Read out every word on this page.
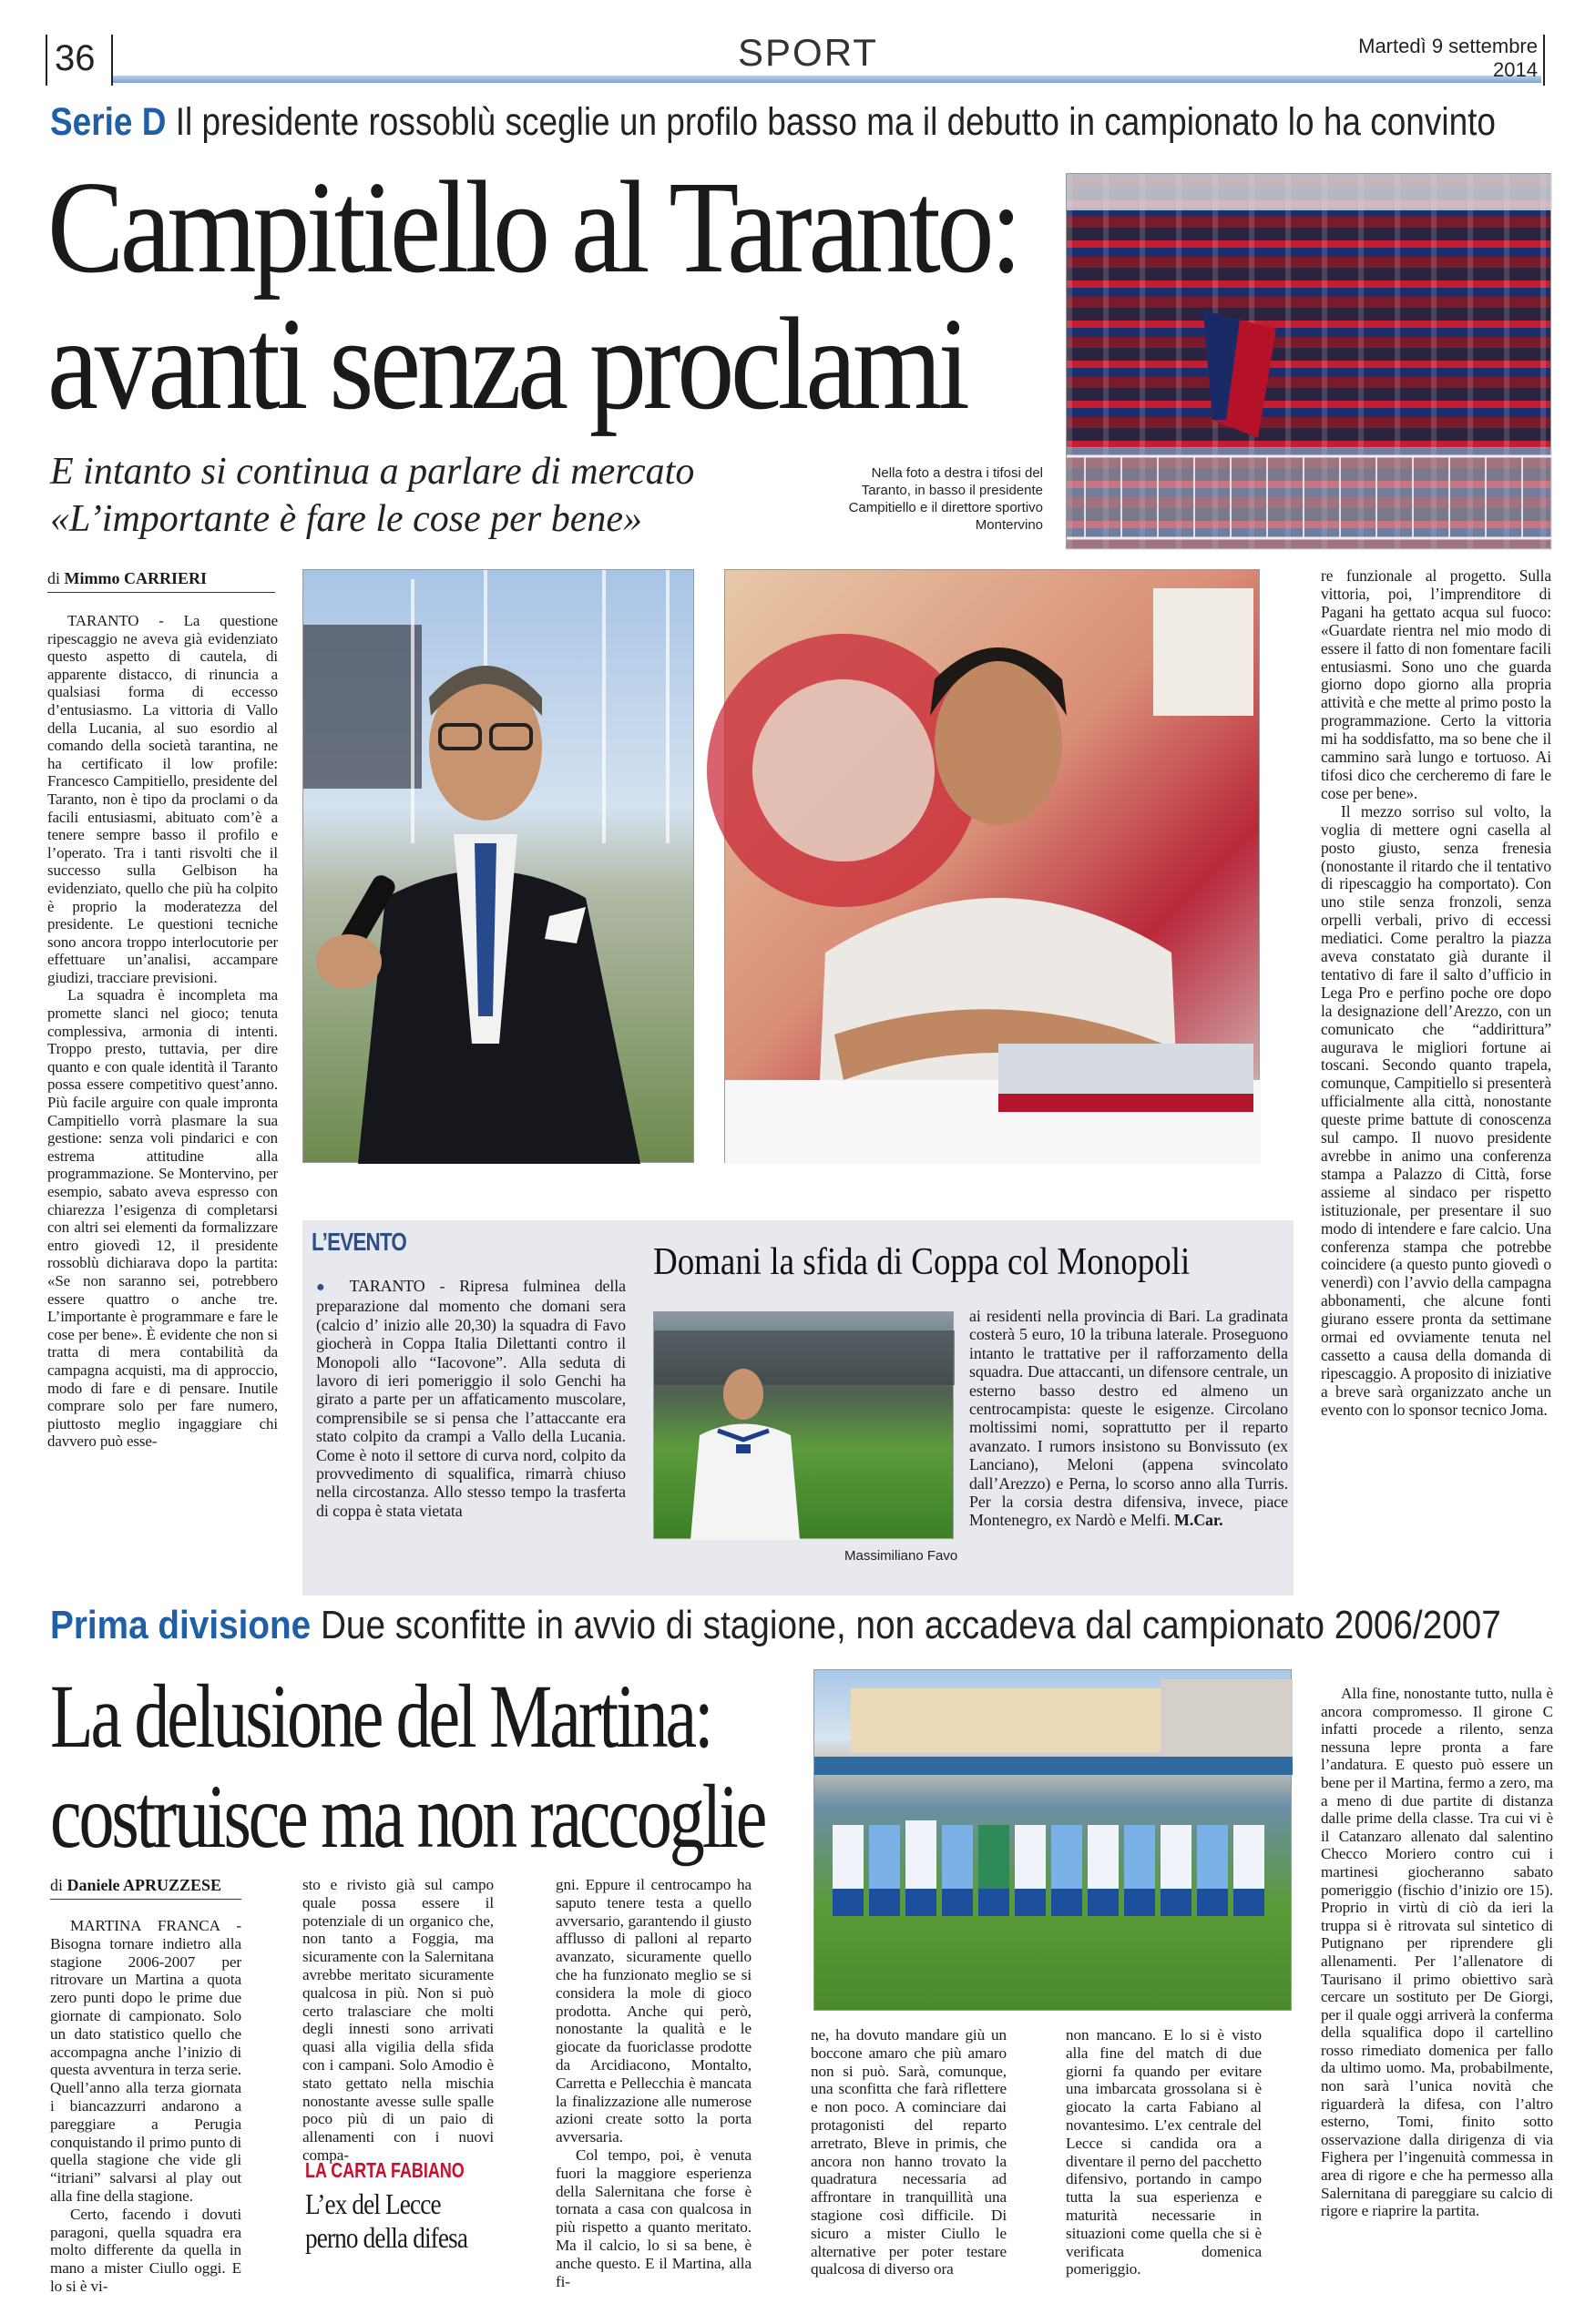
36	SPORT	Martedì 9 settembre
2014
Serie D Il presidente rossoblù sceglie un profilo basso ma il debutto in campionato lo ha convinto
Campitiello al Taranto:
avanti senza proclami
E intanto si continua a parlare di mercato
«L’importante è fare le cose per bene»
Nella foto a destra i tifosi del Taranto, in basso il presidente Campitiello e il direttore sportivo Montervino
di Mimmo CARRIERI

TARANTO - La questione ripescaggio ne aveva già evidenziato questo aspetto di cautela, di apparente distacco, di rinuncia a qualsiasi forma di eccesso d’entusiasmo. La vittoria di Vallo della Lucania, al suo esordio al comando della società tarantina, ne ha certificato il low profile: Francesco Campitiello, presidente del Taranto, non è tipo da proclami o da facili entusiasmi, abituato com’è a tenere sempre basso il profilo e l’operato. Tra i tanti risvolti che il successo sulla Gelbison ha evidenziato, quello che più ha colpito è proprio la moderatezza del presidente. Le questioni tecniche sono ancora troppo interlocutorie per effettuare un’analisi, accampare giudizi, tracciare previsioni.

La squadra è incompleta ma promette slanci nel gioco; tenuta complessiva, armonia di intenti. Troppo presto, tuttavia, per dire quanto e con quale identità il Taranto possa essere competitivo quest’anno. Più facile arguire con quale impronta Campitiello vorrà plasmare la sua gestione: senza voli pindarici e con estrema attitudine alla programmazione. Se Montervino, per esempio, sabato aveva espresso con chiarezza l’esigenza di completarsi con altri sei elementi da formalizzare entro giovedì 12, il presidente rossoblù dichiarava dopo la partita: «Se non saranno sei, potrebbero essere quattro o anche tre. L’importante è programmare e fare le cose per bene». È evidente che non si tratta di mera contabilità da campagna acquisti, ma di approccio, modo di fare e di pensare. Inutile comprare solo per fare numero, piuttosto meglio ingaggiare chi davvero può esse-

re funzionale al progetto. Sulla vittoria, poi, l’imprenditore di Pagani ha gettato acqua sul fuoco: «Guardate rientra nel mio modo di essere il fatto di non fomentare facili entusiasmi. Sono uno che guarda giorno dopo giorno alla propria attività e che mette al primo posto la programmazione. Certo la vittoria mi ha soddisfatto, ma so bene che il cammino sarà lungo e tortuoso. Ai tifosi dico che cercheremo di fare le cose per bene».

Il mezzo sorriso sul volto, la voglia di mettere ogni casella al posto giusto, senza frenesia (nonostante il ritardo che il tentativo di ripescaggio ha comportato). Con uno stile senza fronzoli, senza orpelli verbali, privo di eccessi mediatici. Come peraltro la piazza aveva constatato già durante il tentativo di fare il salto d’ufficio in Lega Pro e perfino poche ore dopo la designazione dell’Arezzo, con un comunicato che “addirittura” augurava le migliori fortune ai toscani. Secondo quanto trapela, comunque, Campitiello si presenterà ufficialmente alla città, nonostante queste prime battute di conoscenza sul campo. Il nuovo presidente avrebbe in animo una conferenza stampa a Palazzo di Città, forse assieme al sindaco per rispetto istituzionale, per presentare il suo modo di intendere e fare calcio. Una conferenza stampa che potrebbe coincidere (a questo punto giovedì o venerdì) con l’avvio della campagna abbonamenti, che alcune fonti giurano essere pronta da settimane ormai ed ovviamente tenuta nel cassetto a causa della domanda di ripescaggio. A proposito di iniziative a breve sarà organizzato anche un evento con lo sponsor tecnico Joma.

L’EVENTO	Domani la sfida di Coppa col Monopoli

● TARANTO - Ripresa fulminea della preparazione dal momento che domani sera (calcio d’ inizio alle 20,30) la squadra di Favo giocherà in Coppa Italia Dilettanti contro il Monopoli allo “Iacovone”. Alla seduta di lavoro di ieri pomeriggio il solo Genchi ha girato a parte per un affaticamento muscolare, comprensibile se si pensa che l’attaccante era stato colpito da crampi a Vallo della Lucania. Come è noto il settore di curva nord, colpito da provvedimento di squalifica, rimarrà chiuso nella circostanza. Allo stesso tempo la trasferta di coppa è stata vietata

Massimiliano Favo

ai residenti nella provincia di Bari. La gradinata costerà 5 euro, 10 la tribuna laterale. Proseguono intanto le trattative per il rafforzamento della squadra. Due attaccanti, un difensore centrale, un esterno basso destro ed almeno un centrocampista: queste le esigenze. Circolano moltissimi nomi, soprattutto per il reparto avanzato. I rumors insistono su Bonvissuto (ex Lanciano), Meloni (appena svincolato dall’Arezzo) e Perna, lo scorso anno alla Turris. Per la corsia destra difensiva, invece, piace Montenegro, ex Nardò e Melfi. M.Car.

Prima divisione Due sconfitte in avvio di stagione, non accadeva dal campionato 2006/2007
La delusione del Martina:
costruisce ma non raccoglie
di Daniele APRUZZESE

MARTINA FRANCA - Bisogna tornare indietro alla stagione 2006-2007 per ritrovare un Martina a quota zero punti dopo le prime due giornate di campionato. Solo un dato statistico quello che accompagna anche l’inizio di questa avventura in terza serie. Quell’anno alla terza giornata i biancazzurri andarono a pareggiare a Perugia conquistando il primo punto di quella stagione che vide gli “itriani” salvarsi al play out alla fine della stagione.

Certo, facendo i dovuti paragoni, quella squadra era molto differente da quella in mano a mister Ciullo oggi. E lo si è vi-

sto e rivisto già sul campo quale possa essere il potenziale di un organico che, non tanto a Foggia, ma sicuramente con la Salernitana avrebbe meritato sicuramente qualcosa in più. Non si può certo tralasciare che molti degli innesti sono arrivati quasi alla vigilia della sfida con i campani. Solo Amodio è stato gettato nella mischia nonostante avesse sulle spalle poco più di un paio di allenamenti con i nuovi compa-

LA CARTA FABIANO
L’ex del Lecce
perno della difesa

gni. Eppure il centrocampo ha saputo tenere testa a quello avversario, garantendo il giusto afflusso di palloni al reparto avanzato, sicuramente quello che ha funzionato meglio se si considera la mole di gioco prodotta. Anche qui però, nonostante la qualità e le giocate da fuoriclasse prodotte da Arcidiacono, Montalto, Carretta e Pellecchia è mancata la finalizzazione alle numerose azioni create sotto la porta avversaria.

Col tempo, poi, è venuta fuori la maggiore esperienza della Salernitana che forse è tornata a casa con qualcosa in più rispetto a quanto meritato. Ma il calcio, lo si sa bene, è anche questo. E il Martina, alla fi-

ne, ha dovuto mandare giù un boccone amaro che più amaro non si può. Sarà, comunque, una sconfitta che farà riflettere e non poco. A cominciare dai protagonisti del reparto arretrato, Bleve in primis, che ancora non hanno trovato la quadratura necessaria ad affrontare in tranquillità una stagione così difficile. Di sicuro a mister Ciullo le alternative per poter testare qualcosa di diverso ora

non mancano. E lo si è visto alla fine del match di due giorni fa quando per evitare una imbarcata grossolana si è giocato la carta Fabiano al novantesimo. L’ex centrale del Lecce si candida ora a diventare il perno del pacchetto difensivo, portando in campo tutta la sua esperienza e maturità necessarie in situazioni come quella che si è verificata domenica pomeriggio.

Alla fine, nonostante tutto, nulla è ancora compromesso. Il girone C infatti procede a rilento, senza nessuna lepre pronta a fare l’andatura. E questo può essere un bene per il Martina, fermo a zero, ma a meno di due partite di distanza dalle prime della classe. Tra cui vi è il Catanzaro allenato dal salentino Checco Moriero contro cui i martinesi giocheranno sabato pomeriggio (fischio d’inizio ore 15). Proprio in virtù di ciò da ieri la truppa si è ritrovata sul sintetico di Putignano per riprendere gli allenamenti. Per l’allenatore di Taurisano il primo obiettivo sarà cercare un sostituto per De Giorgi, per il quale oggi arriverà la conferma della squalifica dopo il cartellino rosso rimediato domenica per fallo da ultimo uomo. Ma, probabilmente, non sarà l’unica novità che riguarderà la difesa, con l’altro esterno, Tomi, finito sotto osservazione dalla dirigenza di via Fighera per l’ingenuità commessa in area di rigore e che ha permesso alla Salernitana di pareggiare su calcio di rigore e riaprire la partita.
